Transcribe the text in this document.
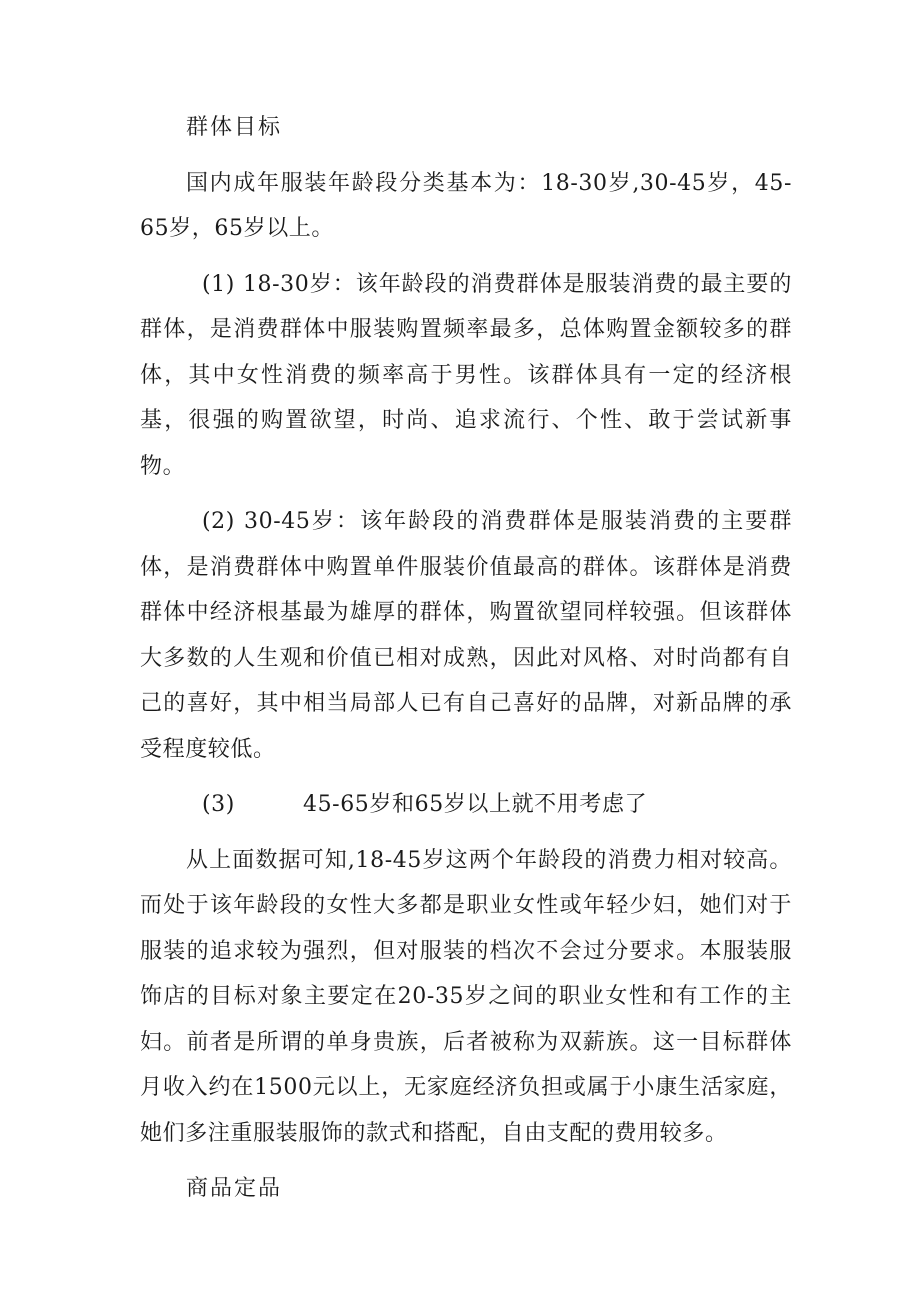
群体目标

国内成年服装年龄段分类基本为：18-30岁,30-45岁，45-65岁，65岁以上。

(1) 18-30岁：该年龄段的消费群体是服装消费的最主要的群体，是消费群体中服装购置频率最多，总体购置金额较多的群体，其中女性消费的频率高于男性。该群体具有一定的经济根基，很强的购置欲望，时尚、追求流行、个性、敢于尝试新事物。

(2) 30-45岁：该年龄段的消费群体是服装消费的主要群体，是消费群体中购置单件服装价值最高的群体。该群体是消费群体中经济根基最为雄厚的群体，购置欲望同样较强。但该群体大多数的人生观和价值已相对成熟，因此对风格、对时尚都有自己的喜好，其中相当局部人已有自己喜好的品牌，对新品牌的承受程度较低。

(3)	45-65岁和65岁以上就不用考虑了

从上面数据可知,18-45岁这两个年龄段的消费力相对较高。而处于该年龄段的女性大多都是职业女性或年轻少妇，她们对于服装的追求较为强烈，但对服装的档次不会过分要求。本服装服饰店的目标对象主要定在20-35岁之间的职业女性和有工作的主妇。前者是所谓的单身贵族，后者被称为双薪族。这一目标群体月收入约在1500元以上，无家庭经济负担或属于小康生活家庭，她们多注重服装服饰的款式和搭配，自由支配的费用较多。

商品定品
